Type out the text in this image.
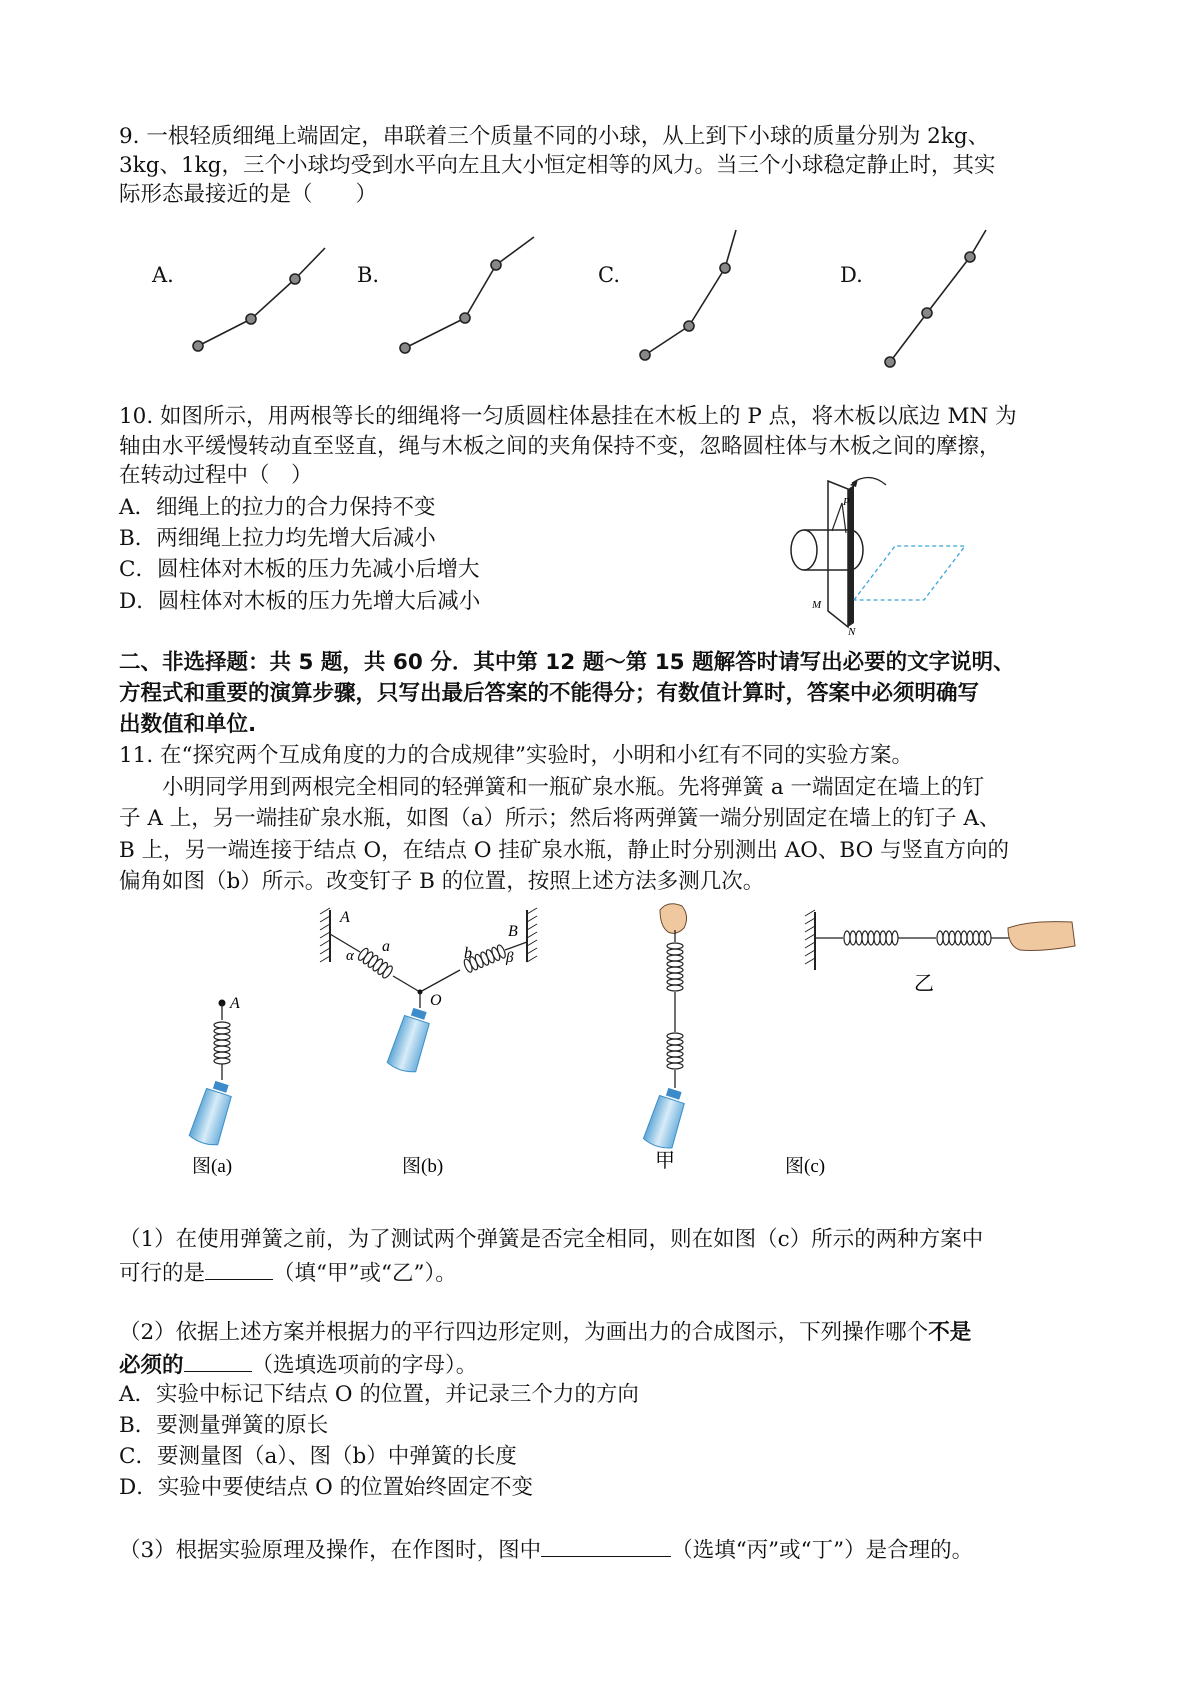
9. 一根轻质细绳上端固定，串联着三个质量不同的小球，从上到下小球的质量分别为 2kg、
3kg、1kg，三个小球均受到水平向左且大小恒定相等的风力。当三个小球稳定静止时，其实
际形态最接近的是（　　）
A.	B.	C.	D.
10. 如图所示，用两根等长的细绳将一匀质圆柱体悬挂在木板上的 P 点，将木板以底边 MN 为
轴由水平缓慢转动直至竖直，绳与木板之间的夹角保持不变，忽略圆柱体与木板之间的摩擦，
在转动过程中（　）
A．细绳上的拉力的合力保持不变
B．两细绳上拉力均先增大后减小
C．圆柱体对木板的压力先减小后增大
D．圆柱体对木板的压力先增大后减小
P
M
N
二、非选择题：共 5 题，共 60 分．其中第 12 题～第 15 题解答时请写出必要的文字说明、
方程式和重要的演算步骤，只写出最后答案的不能得分；有数值计算时，答案中必须明确写
出数值和单位.
11. 在“探究两个互成角度的力的合成规律”实验时，小明和小红有不同的实验方案。
　　小明同学用到两根完全相同的轻弹簧和一瓶矿泉水瓶。先将弹簧 a 一端固定在墙上的钉
子 A 上，另一端挂矿泉水瓶，如图（a）所示；然后将两弹簧一端分别固定在墙上的钉子 A、
B 上，另一端连接于结点 O，在结点 O 挂矿泉水瓶，静止时分别测出 AO、BO 与竖直方向的
偏角如图（b）所示。改变钉子 B 的位置，按照上述方法多测几次。
A
图(a)
A
B
a	b
α	β
O
图(b)	甲
乙
图(c)
（1）在使用弹簧之前，为了测试两个弹簧是否完全相同，则在如图（c）所示的两种方案中
可行的是	（填“甲”或“乙”）。
（2）依据上述方案并根据力的平行四边形定则，为画出力的合成图示，下列操作哪个不是
必须的	（选填选项前的字母）。
A．实验中标记下结点 O 的位置，并记录三个力的方向
B．要测量弹簧的原长
C．要测量图（a）、图（b）中弹簧的长度
D．实验中要使结点 O 的位置始终固定不变
（3）根据实验原理及操作，在作图时，图中	（选填“丙”或“丁”）是合理的。
